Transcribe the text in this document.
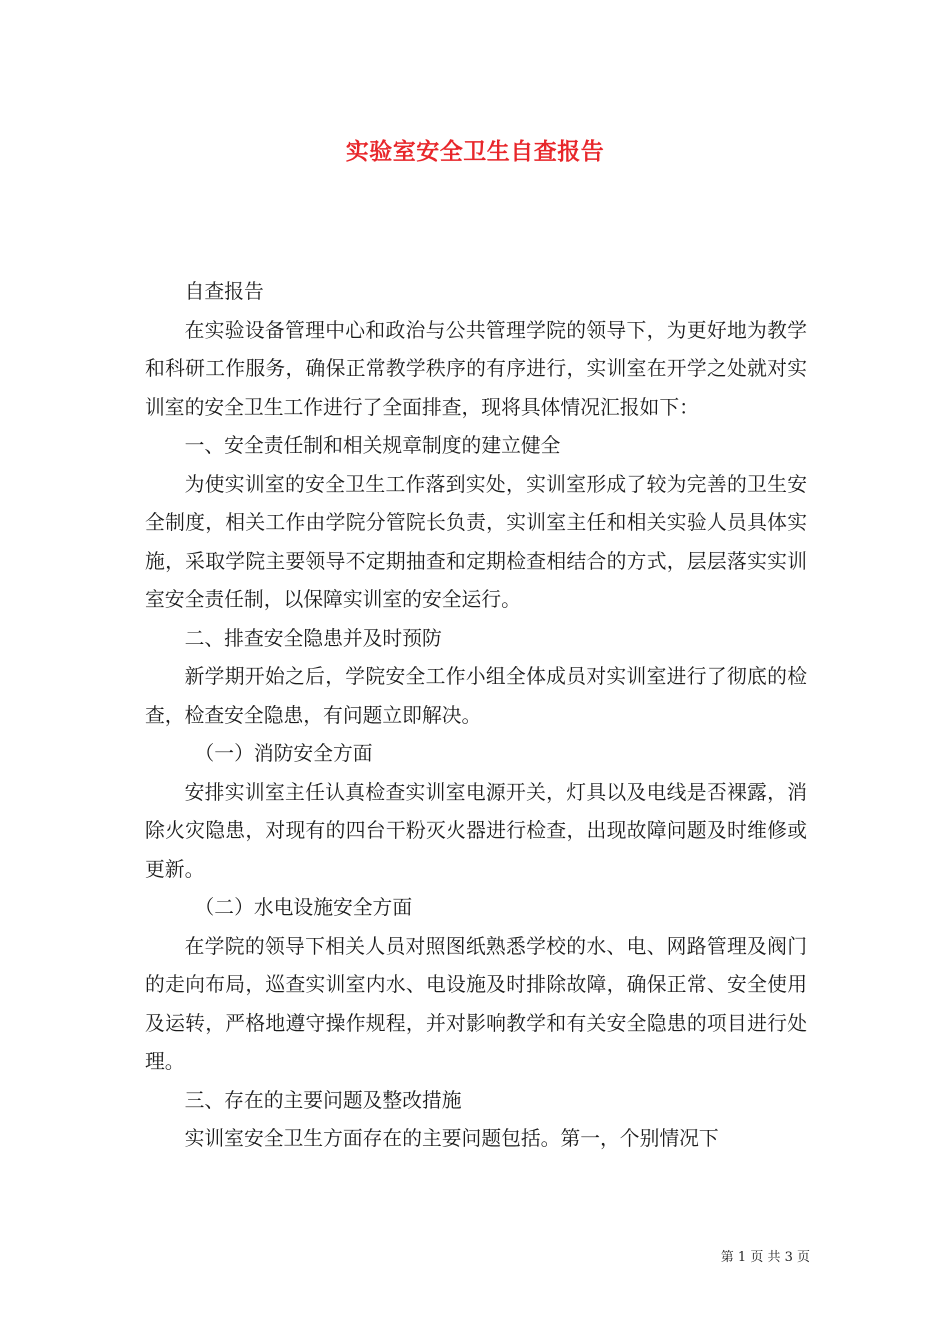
实验室安全卫生自查报告

自查报告

在实验设备管理中心和政治与公共管理学院的领导下，为更好地为教学和科研工作服务，确保正常教学秩序的有序进行，实训室在开学之处就对实训室的安全卫生工作进行了全面排查，现将具体情况汇报如下：

一、安全责任制和相关规章制度的建立健全

为使实训室的安全卫生工作落到实处，实训室形成了较为完善的卫生安全制度，相关工作由学院分管院长负责，实训室主任和相关实验人员具体实施，采取学院主要领导不定期抽查和定期检查相结合的方式，层层落实实训室安全责任制，以保障实训室的安全运行。

二、排查安全隐患并及时预防

新学期开始之后，学院安全工作小组全体成员对实训室进行了彻底的检查，检查安全隐患，有问题立即解决。

（一）消防安全方面

安排实训室主任认真检查实训室电源开关，灯具以及电线是否裸露，消除火灾隐患，对现有的四台干粉灭火器进行检查，出现故障问题及时维修或更新。

（二）水电设施安全方面

在学院的领导下相关人员对照图纸熟悉学校的水、电、网路管理及阀门的走向布局，巡查实训室内水、电设施及时排除故障，确保正常、安全使用及运转，严格地遵守操作规程，并对影响教学和有关安全隐患的项目进行处理。

三、存在的主要问题及整改措施

实训室安全卫生方面存在的主要问题包括。第一，个别情况下

第 1 页 共 3 页
